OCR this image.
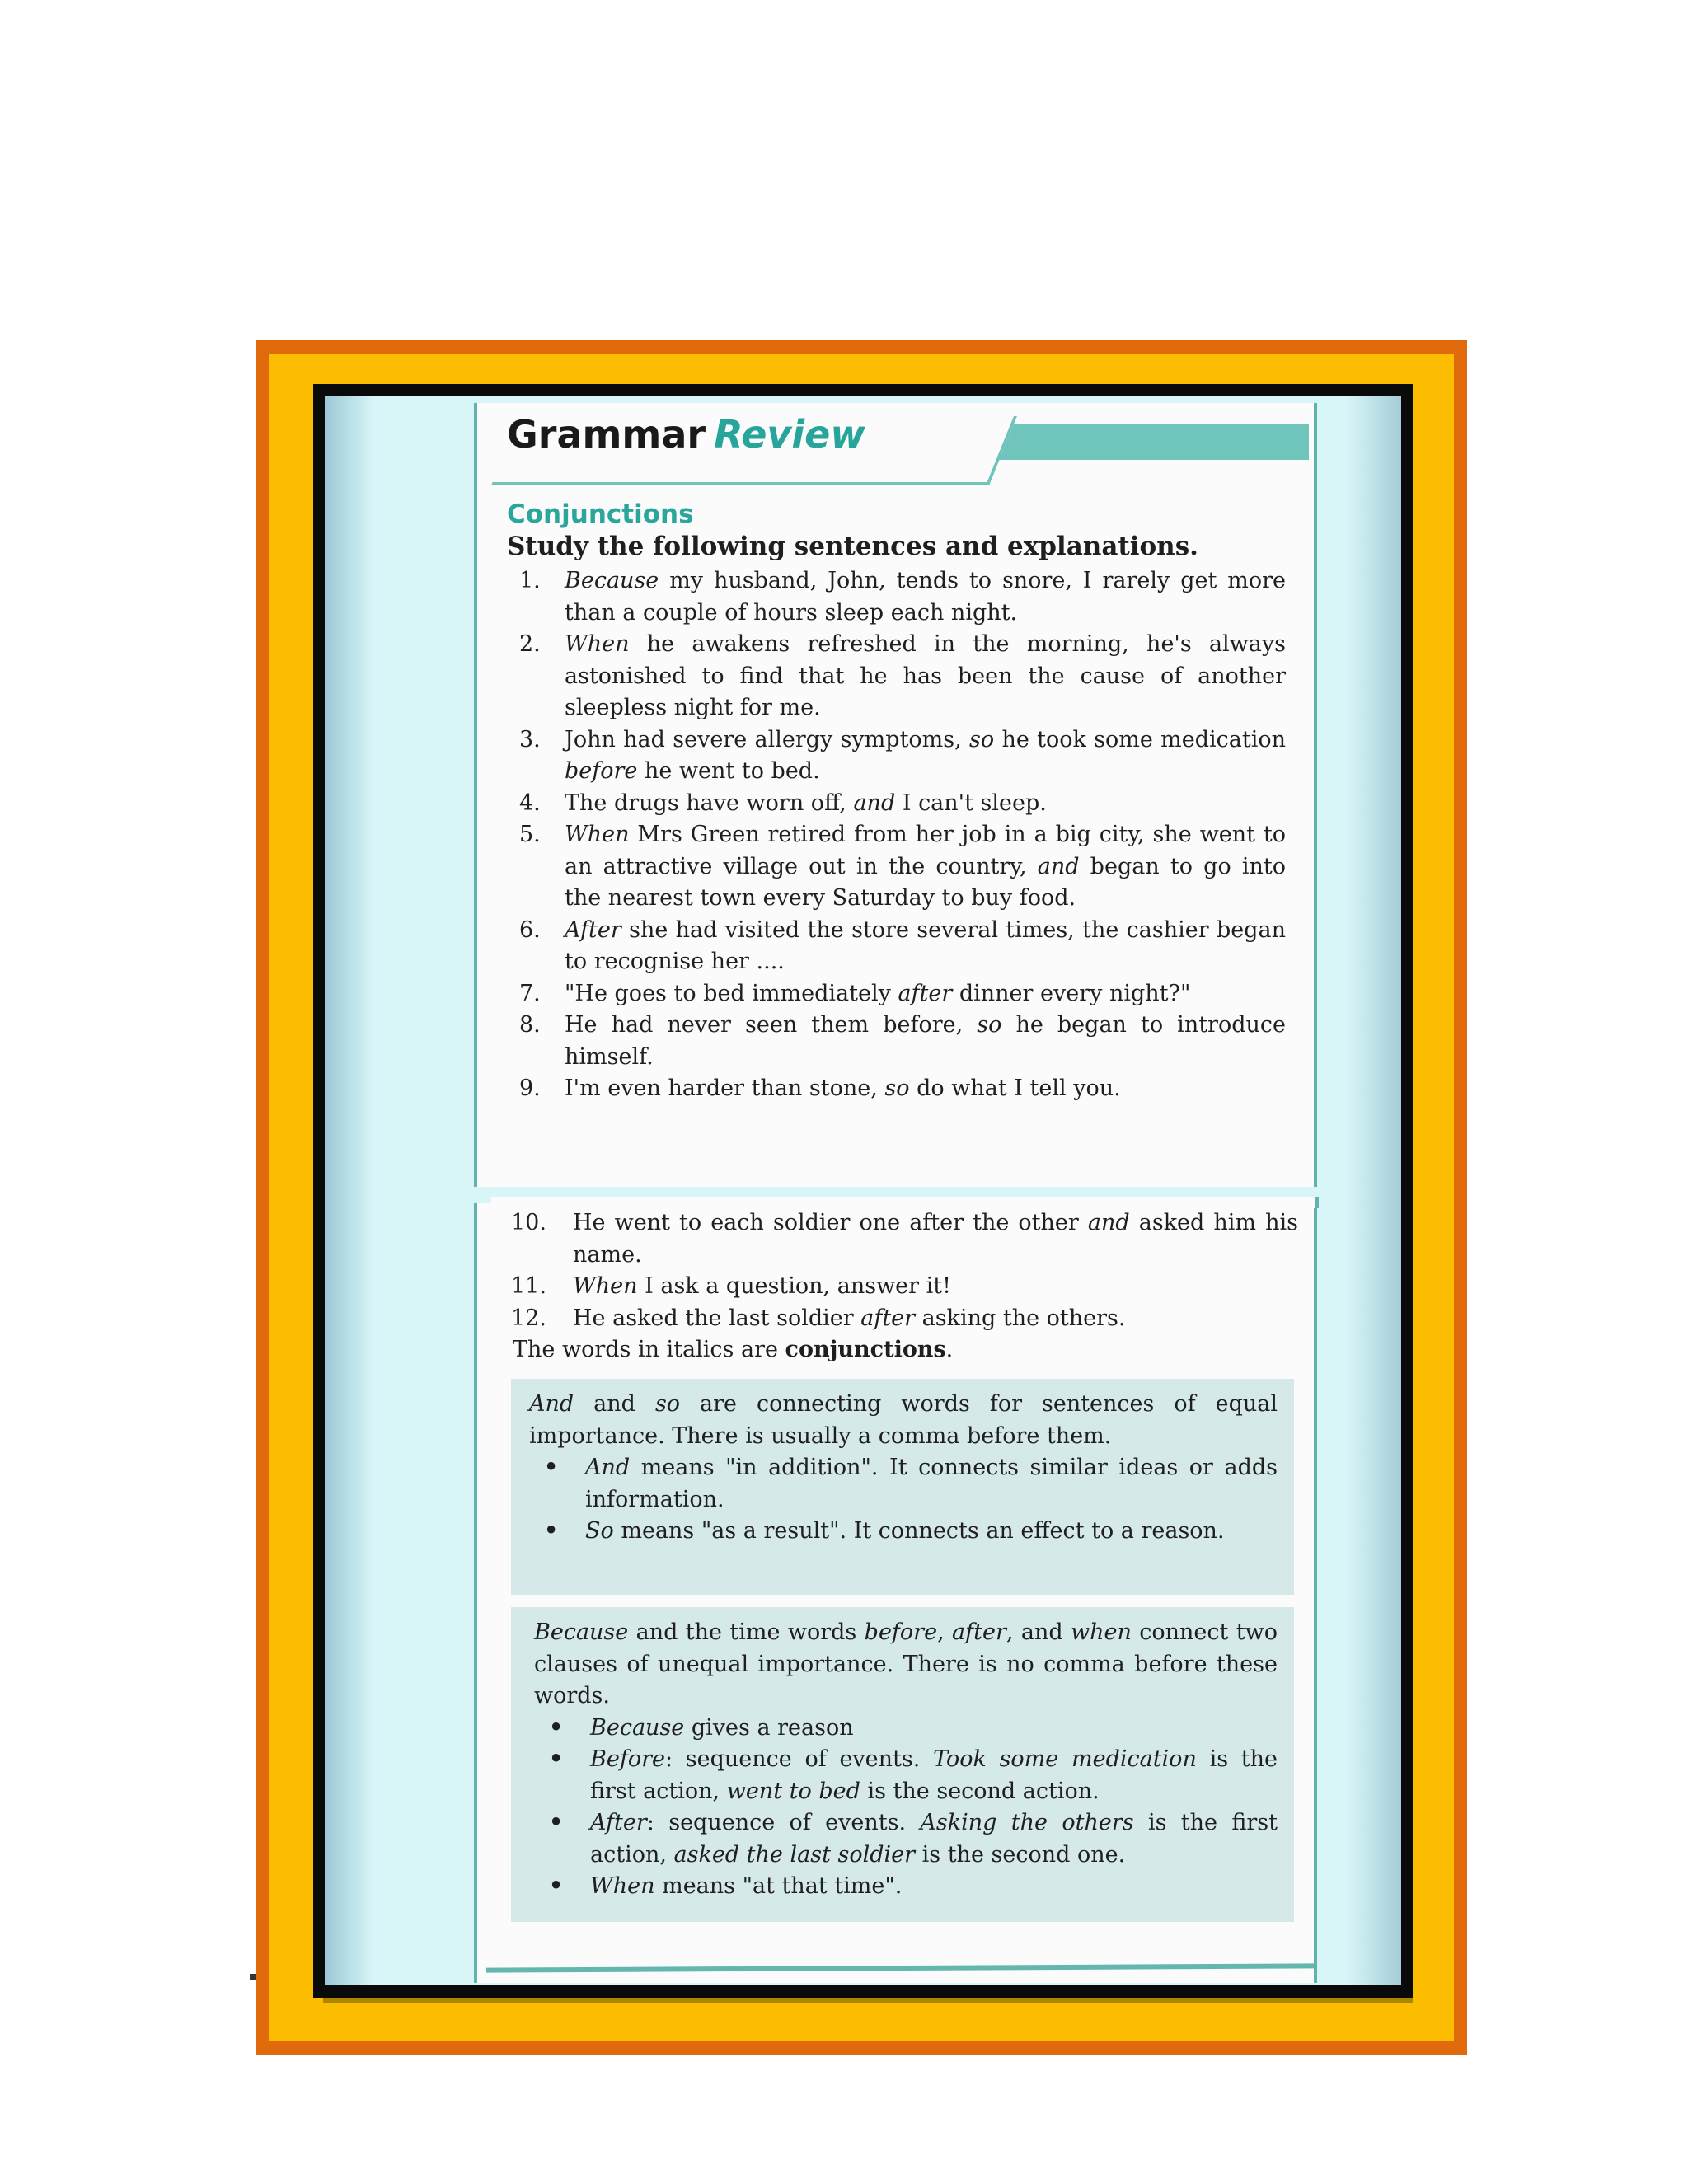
Grammar Review
Conjunctions
Study the following sentences and explanations.
1. Because my husband, John, tends to snore, I rarely get more than a couple of hours sleep each night.
2. When he awakens refreshed in the morning, he's always astonished to find that he has been the cause of another sleepless night for me.
3. John had severe allergy symptoms, so he took some medication before he went to bed.
4. The drugs have worn off, and I can't sleep.
5. When Mrs Green retired from her job in a big city, she went to an attractive village out in the country, and began to go into the nearest town every Saturday to buy food.
6. After she had visited the store several times, the cashier began to recognise her ....
7. "He goes to bed immediately after dinner every night?"
8. He had never seen them before, so he began to introduce himself.
9. I'm even harder than stone, so do what I tell you.
10. He went to each soldier one after the other and asked him his name.
11. When I ask a question, answer it!
12. He asked the last soldier after asking the others.
The words in italics are conjunctions.

And and so are connecting words for sentences of equal importance. There is usually a comma before them.

• And means "in addition". It connects similar ideas or adds information.
• So means "as a result". It connects an effect to a reason.

Because and the time words before, after, and when connect two clauses of unequal importance. There is no comma before these words.

• Because gives a reason
• Before: sequence of events. Took some medication is the first action, went to bed is the second action.
• After: sequence of events. Asking the others is the first action, asked the last soldier is the second one.
• When means "at that time".
